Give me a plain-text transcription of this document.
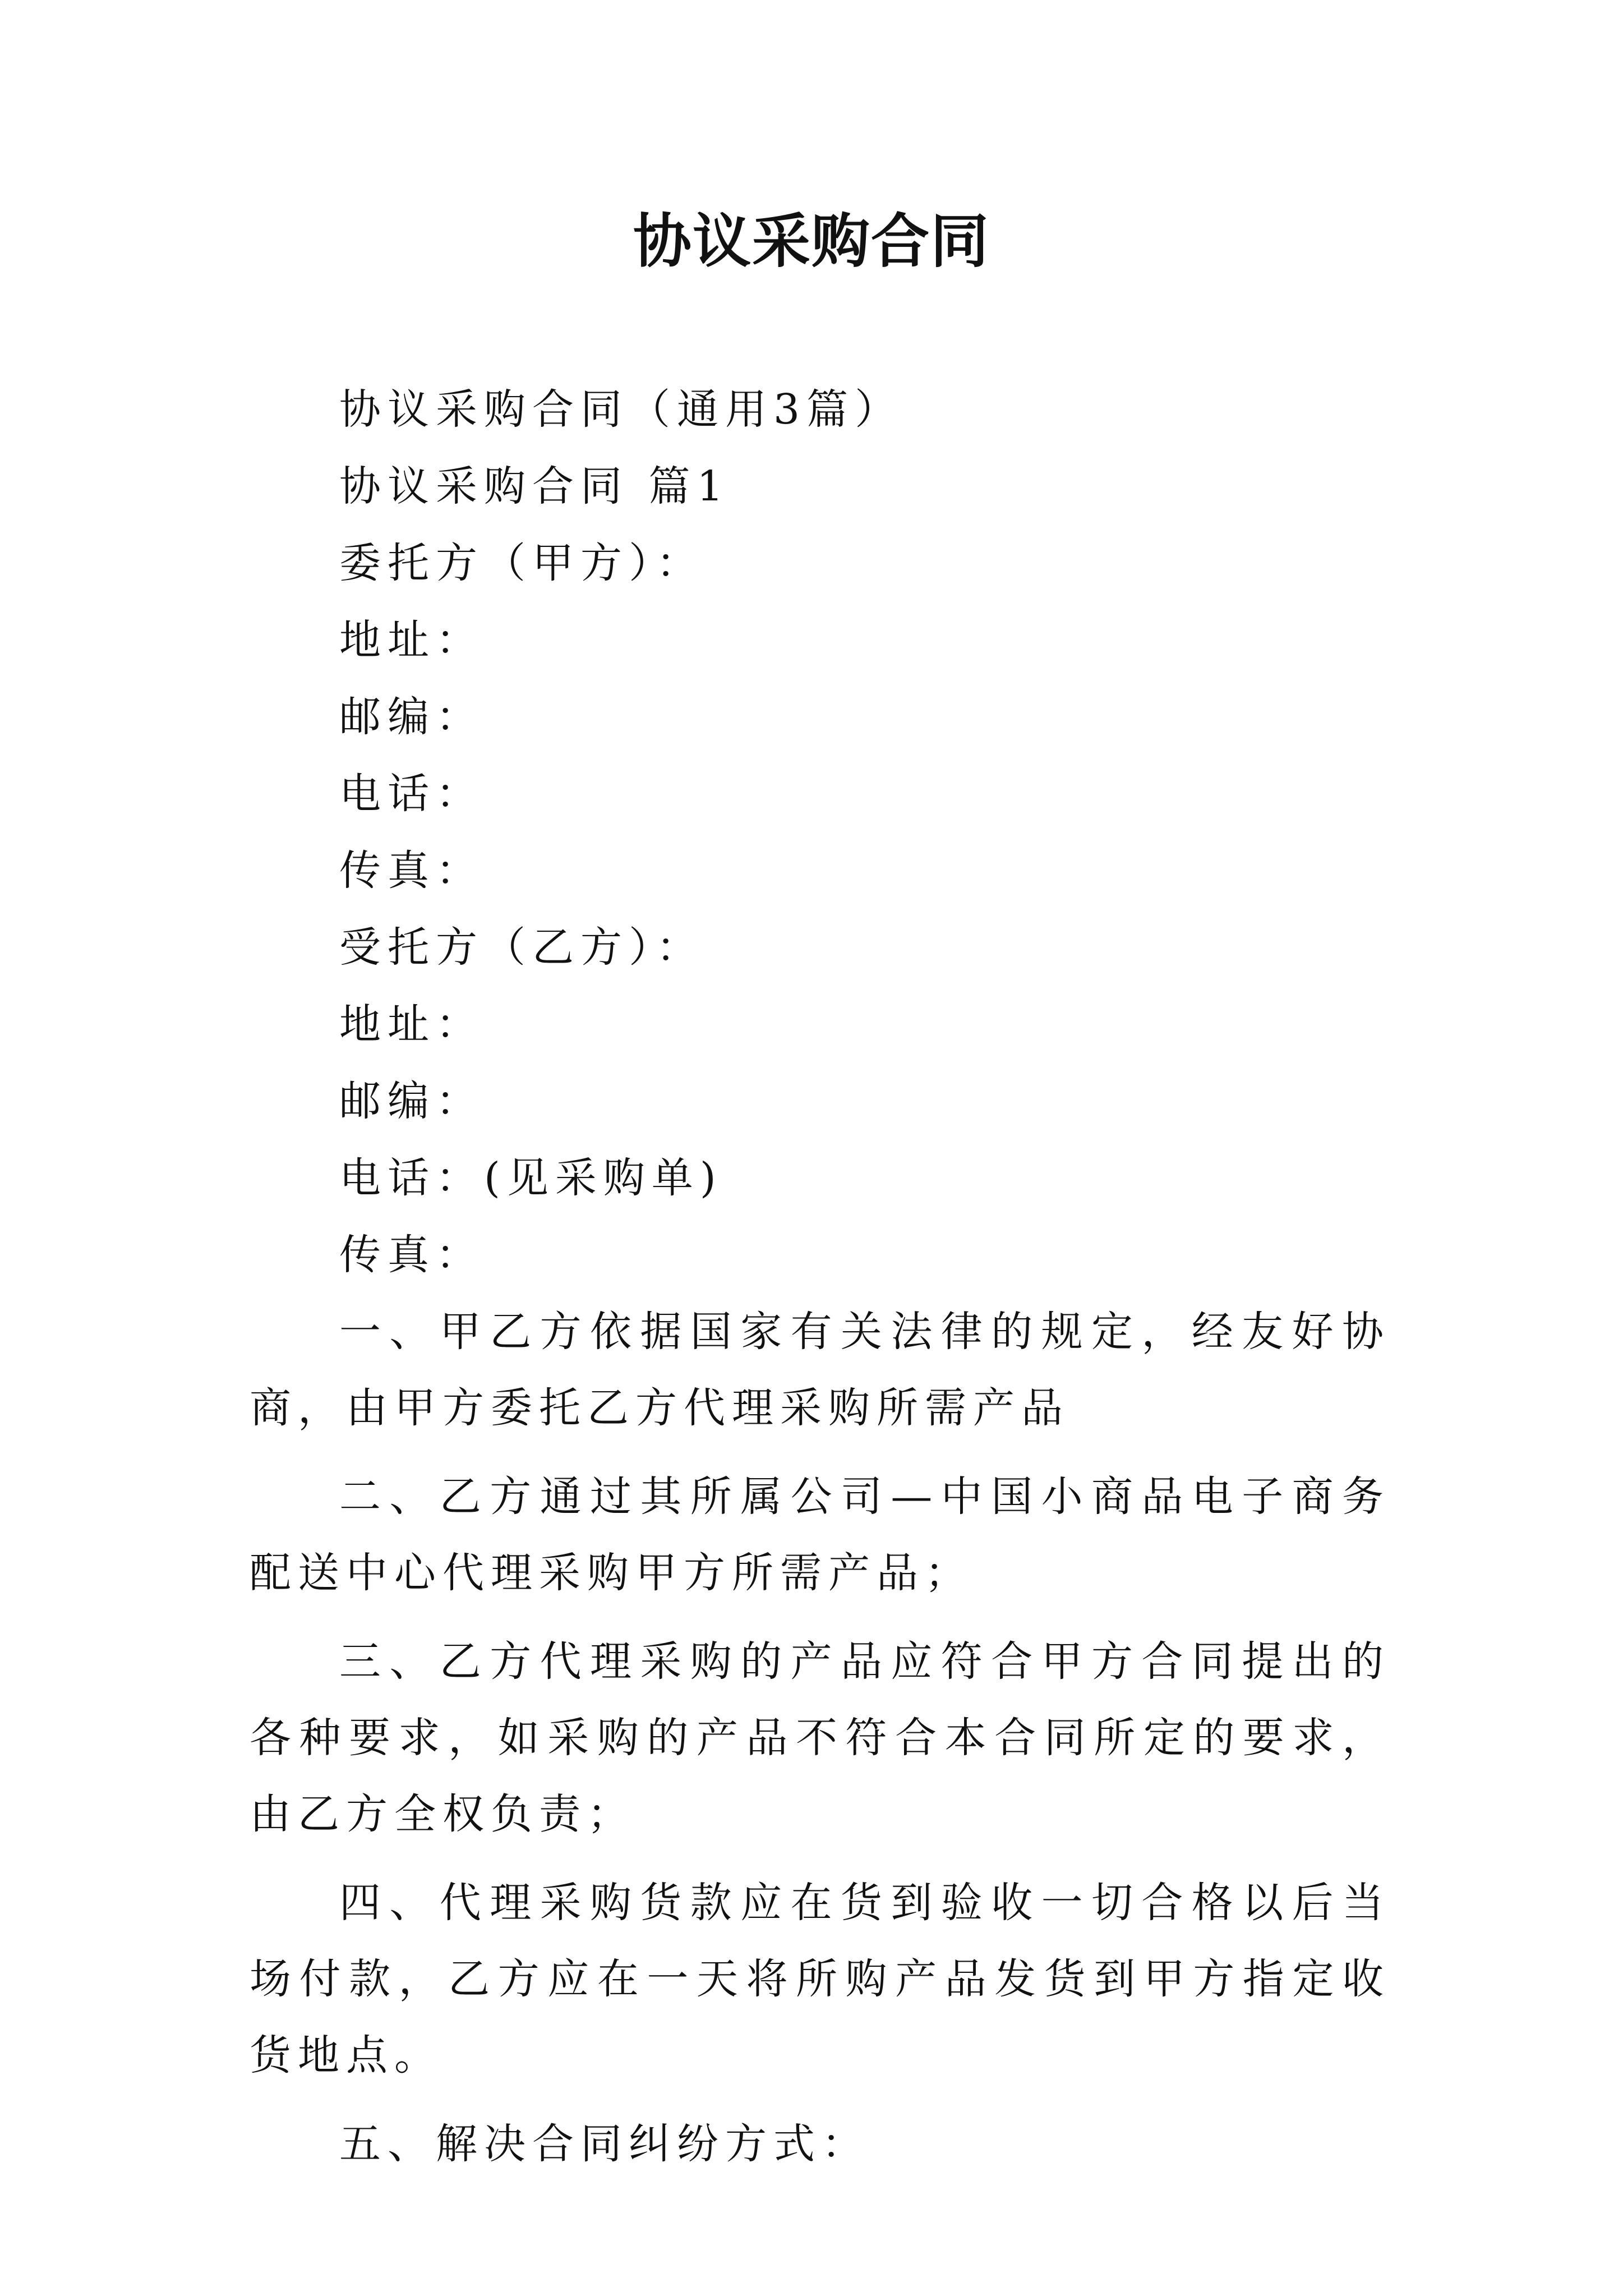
协议采购合同

协议采购合同（通用3篇）

协议采购合同 篇1

委托方（甲方）：

地址：

邮编：

电话：

传真：

受托方（乙方）：

地址：

邮编：

电话：(见采购单)

传真：

一、甲乙方依据国家有关法律的规定，经友好协商，由甲方委托乙方代理采购所需产品

二、乙方通过其所属公司—中国小商品电子商务配送中心代理采购甲方所需产品；

三、乙方代理采购的产品应符合甲方合同提出的各种要求，如采购的产品不符合本合同所定的要求，由乙方全权负责；

四、代理采购货款应在货到验收一切合格以后当场付款，乙方应在一天将所购产品发货到甲方指定收货地点。

五、解决合同纠纷方式：
